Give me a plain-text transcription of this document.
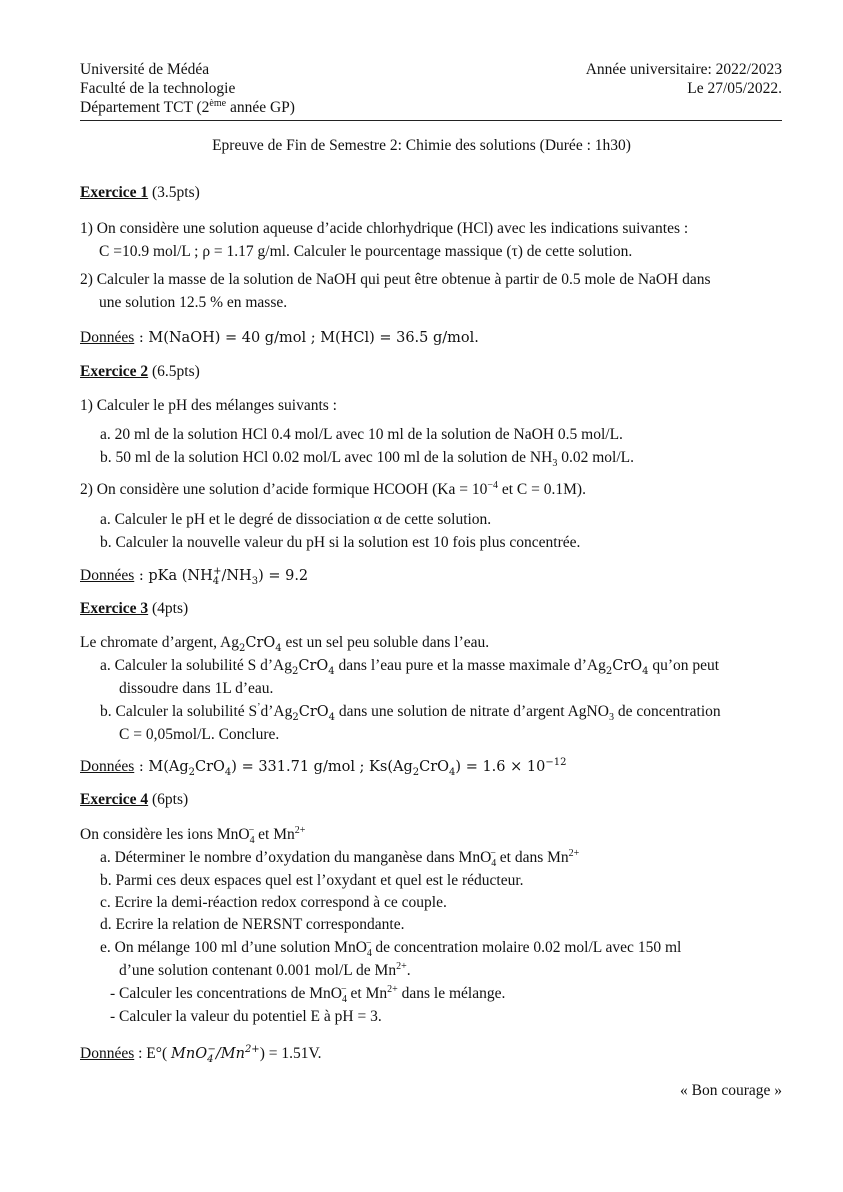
Université de Médéa
Faculté de la technologie
Département TCT (2ème année GP)
Année universitaire: 2022/2023
Le 27/05/2022.
Epreuve de Fin de Semestre 2: Chimie des solutions (Durée : 1h30)
Exercice 1 (3.5pts)
1) On considère une solution aqueuse d’acide chlorhydrique (HCl) avec les indications suivantes :
C =10.9 mol/L ; ρ = 1.17 g/ml. Calculer le pourcentage massique (τ) de cette solution.
2) Calculer la masse de la solution de NaOH qui peut être obtenue à partir de 0.5 mole de NaOH dans
une solution 12.5 % en masse.
Données : M(NaOH) = 40 g/mol ; M(HCl) = 36.5 g/mol.
Exercice 2 (6.5pts)
1) Calculer le pH des mélanges suivants :
a. 20 ml de la solution HCl 0.4 mol/L avec 10 ml de la solution de NaOH 0.5 mol/L.
b. 50 ml de la solution HCl 0.02 mol/L avec 100 ml de la solution de $NH_3$ 0.02 mol/L.
2) On considère une solution d’acide formique HCOOH ($Ka = 10^{-4}$ et C = 0.1M).
a. Calculer le pH et le degré de dissociation α de cette solution.
b. Calculer la nouvelle valeur du pH si la solution est 10 fois plus concentrée.
Données : pKa $(NH_4^+/NH_3) = 9.2$
Exercice 3 (4pts)
Le chromate d’argent, $Ag_2CrO_4$ est un sel peu soluble dans l’eau.
a. Calculer la solubilité S $d’Ag_2CrO_4$ dans l’eau pure et la masse maximale $d’Ag_2CrO_4$ qu’on peut
dissoudre dans 1L d’eau.
b. Calculer la solubilité $S^’d’Ag_2CrO_4$ dans une solution de nitrate d’argent AgNO$_3$ de concentration
C = 0,05mol/L. Conclure.
Données : $M(Ag_2CrO_4) = 331.71$ g/mol ; $Ks(Ag_2CrO_4) = 1.6 \times 10^{-12}$
Exercice 4 (6pts)
On considère les ions MnO$_4$− et $Mn^{2+}$
a. Déterminer le nombre d’oxydation du manganèse dans MnO$_4$− et dans $Mn^{2+}$
b. Parmi ces deux espaces quel est l’oxydant et quel est le réducteur.
c. Ecrire la demi-réaction redox correspond à ce couple.
d. Ecrire la relation de NERSNT correspondante.
e. On mélange 100 ml d’une solution MnO$_4$− de concentration molaire 0.02 mol/L avec 150 ml
d’une solution contenant 0.001 mol/L de $Mn^{2+}$.
- Calculer les concentrations de MnO$_4$− et $Mn^{2+}$ dans le mélange.
- Calculer la valeur du potentiel E à pH = 3.
Données : E°( $MnO_4^-/Mn^{2+}) = 1.51V$.
« Bon courage »
